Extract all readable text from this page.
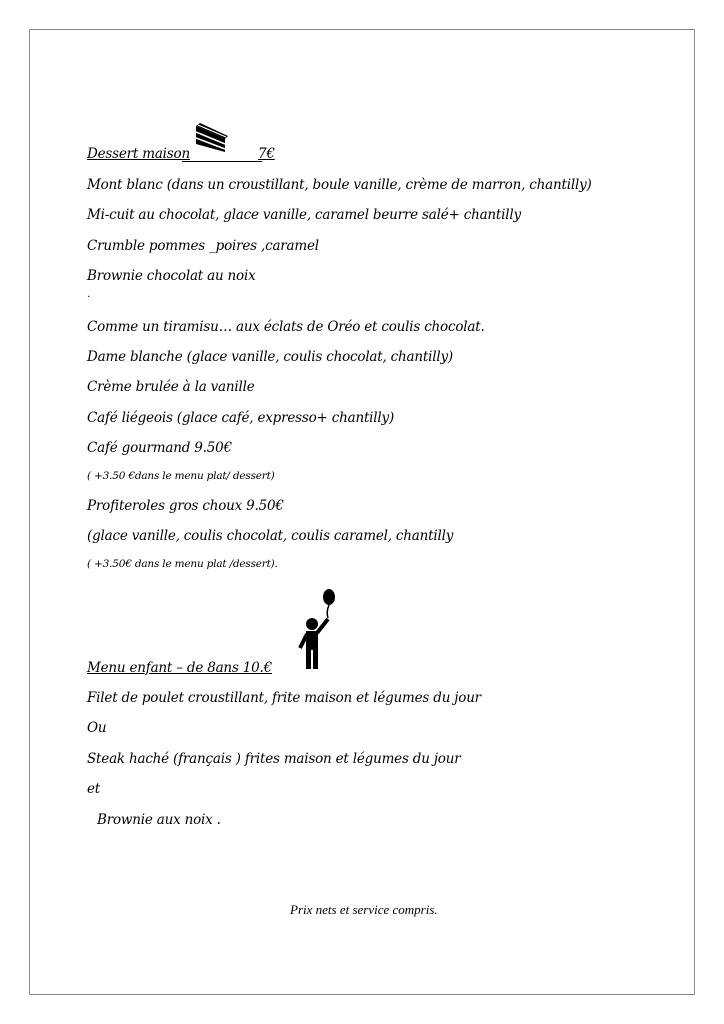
Dessert maison	7€
Mont blanc (dans un croustillant, boule vanille, crème de marron, chantilly)
Mi-cuit au chocolat, glace vanille, caramel beurre salé+ chantilly
Crumble pommes _poires ,caramel
Brownie chocolat au noix
.
Comme un tiramisu… aux éclats de Oréo et coulis chocolat.
Dame blanche (glace vanille, coulis chocolat, chantilly)
Crème brulée à la vanille
Café liégeois (glace café, expresso+ chantilly)
Café gourmand 9.50€
( +3.50 €dans le menu plat/ dessert)
Profiteroles gros choux 9.50€
(glace vanille, coulis chocolat, coulis caramel, chantilly
( +3.50€ dans le menu plat /dessert).
Menu enfant – de 8ans 10.€
Filet de poulet croustillant, frite maison et légumes du jour
Ou
Steak haché (français ) frites maison et légumes du jour
et
Brownie aux noix .
Prix nets et service compris.
